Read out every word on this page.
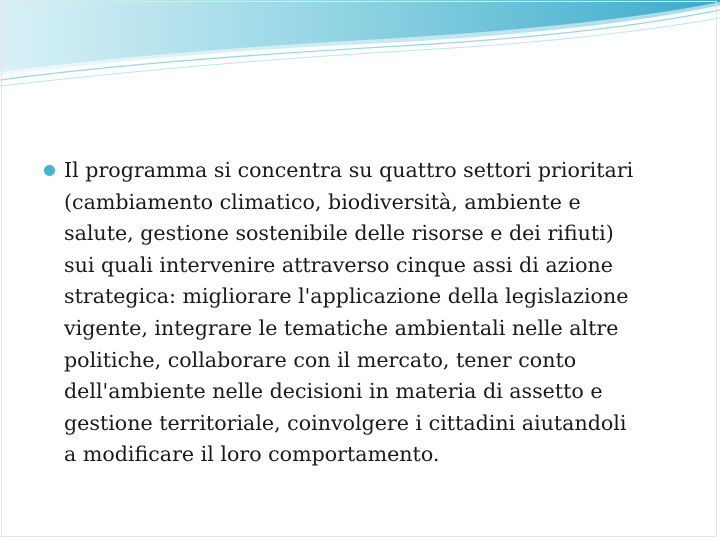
Il programma si concentra su quattro settori prioritari
(cambiamento climatico, biodiversità, ambiente e
salute, gestione sostenibile delle risorse e dei rifiuti)
sui quali intervenire attraverso cinque assi di azione
strategica: migliorare l'applicazione della legislazione
vigente, integrare le tematiche ambientali nelle altre
politiche, collaborare con il mercato, tener conto
dell'ambiente nelle decisioni in materia di assetto e
gestione territoriale, coinvolgere i cittadini aiutandoli
a modificare il loro comportamento.
